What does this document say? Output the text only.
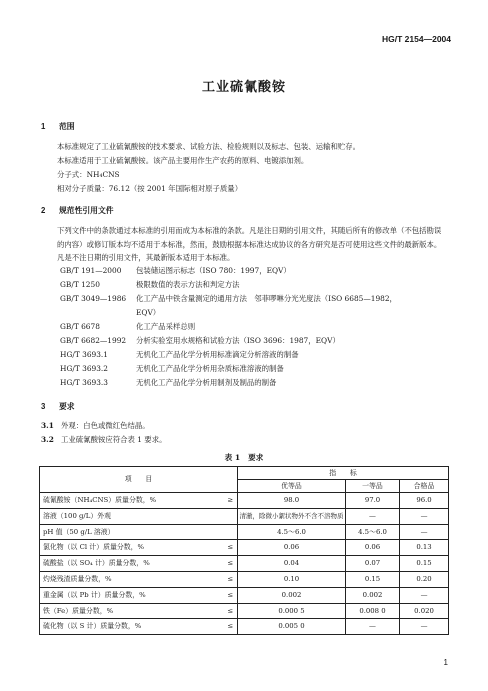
HG/T 2154—2004
工业硫氰酸铵
1 范围
本标准规定了工业硫氰酸铵的技术要求、试验方法、检验规则以及标志、包装、运输和贮存。
本标准适用于工业硫氰酸铵。该产品主要用作生产农药的原料、电镀添加剂。
分子式：NH₄CNS
相对分子质量：76.12（按 2001 年国际相对原子质量）
2 规范性引用文件
下列文件中的条款通过本标准的引用而成为本标准的条款。凡是注日期的引用文件，其随后所有的修改单（不包括勘误的内容）或修订版本均不适用于本标准，然而，鼓励根据本标准达成协议的各方研究是否可使用这些文件的最新版本。凡是不注日期的引用文件，其最新版本适用于本标准。
GB/T 191—2000 包装储运图示标志（ISO 780：1997，EQV）
GB/T 1250	极限数值的表示方法和判定方法
GB/T 3049—1986 化工产品中铁含量测定的通用方法　邻菲啰啉分光光度法（ISO 6685—1982，
EQV）
GB/T 6678	化工产品采样总则
GB/T 6682—1992 分析实验室用水规格和试验方法（ISO 3696：1987，EQV）
HG/T 3693.1	无机化工产品化学分析用标准滴定分析溶液的制备
HG/T 3693.2	无机化工产品化学分析用杂质标准溶液的制备
HG/T 3693.3	无机化工产品化学分析用制剂及制品的制备
3 要求
3.1 外观：白色或微红色结晶。
3.2 工业硫氰酸铵应符合表 1 要求。
表 1 要求
项　　目		指　　标		
		优等品	一等品	合格品
硫氰酸铵（NH₄CNS）质量分数，%	≥	98.0	97.0	96.0
溶液（100 g/L）外观		清澈，除微小絮状物外不含不溶物质	—	—
pH 值（50 g/L 溶液）		4.5～6.0	4.5～6.0	—
氯化物（以 Cl 计）质量分数，%	≤	0.06	0.06	0.13
硫酸盐（以 SO₄ 计）质量分数，%	≤	0.04	0.07	0.15
灼烧残渣质量分数，%	≤	0.10	0.15	0.20
重金属（以 Pb 计）质量分数，%	≤	0.002	0.002	—
铁（Fe）质量分数，%	≤	0.000 5	0.008 0	0.020
硫化物（以 S 计）质量分数，%	≤	0.005 0	—	—
1
